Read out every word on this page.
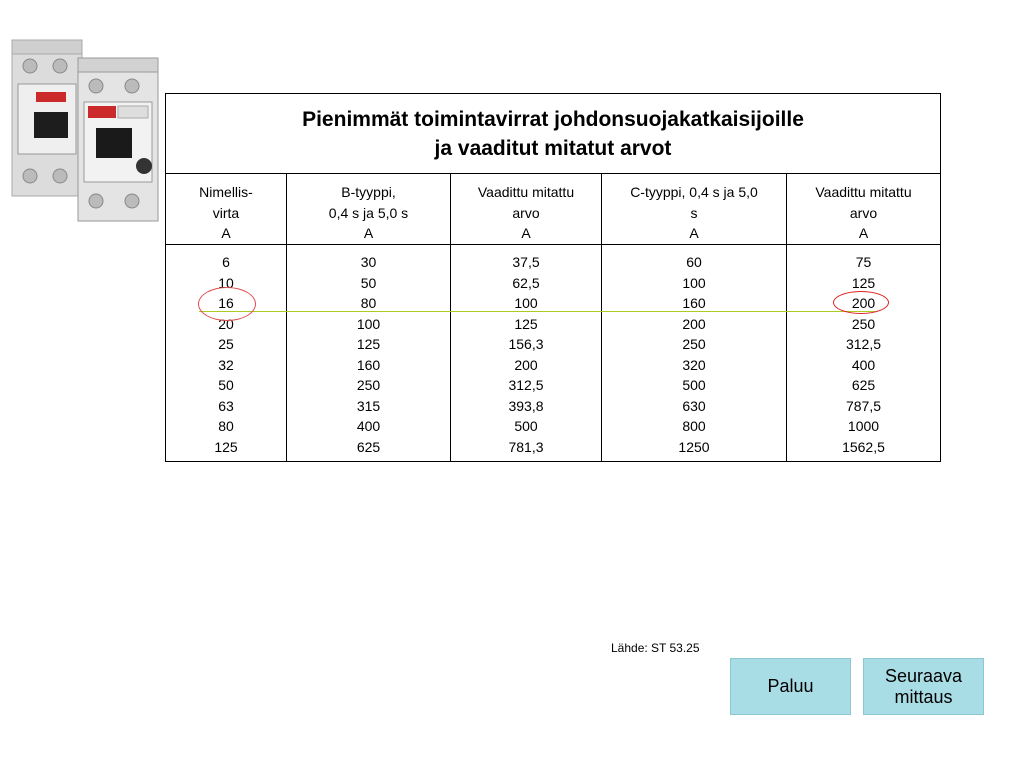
Pienimmät toimintavirrat johdonsuojakatkaisijoille
ja vaaditut mitatut arvot
Nimellis-
virta
A
6
10
16
20
25
32
50
63
80
125
B-tyyppi,
0,4 s ja 5,0 s
A
30
50
80
100
125
160
250
315
400
625
Vaadittu mitattu
arvo
A
37,5
62,5
100
125
156,3
200
312,5
393,8
500
781,3
C-tyyppi, 0,4 s ja 5,0
s
A
60
100
160
200
250
320
500
630
800
1250
Vaadittu mitattu
arvo
A
75
125
200
250
312,5
400
625
787,5
1000
1562,5
Lähde: ST 53.25
Paluu
Seuraava
mittaus
